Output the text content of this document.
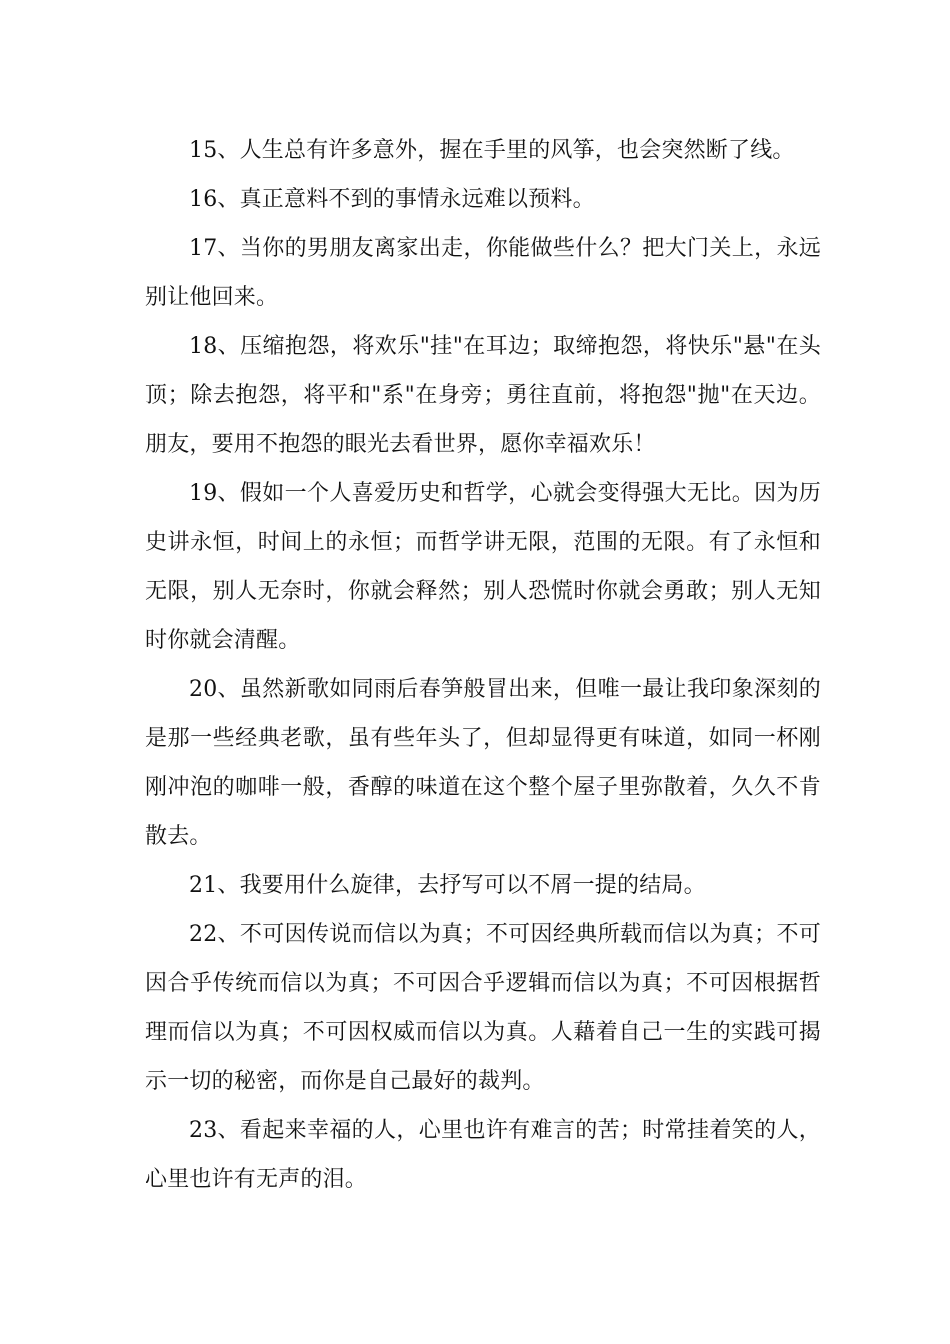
15、人生总有许多意外，握在手里的风筝，也会突然断了线。

16、真正意料不到的事情永远难以预料。

17、当你的男朋友离家出走，你能做些什么？把大门关上，永远别让他回来。

18、压缩抱怨，将欢乐"挂"在耳边；取缔抱怨，将快乐"悬"在头顶；除去抱怨，将平和"系"在身旁；勇往直前，将抱怨"抛"在天边。朋友，要用不抱怨的眼光去看世界，愿你幸福欢乐！

19、假如一个人喜爱历史和哲学，心就会变得强大无比。因为历史讲永恒，时间上的永恒；而哲学讲无限，范围的无限。有了永恒和无限，别人无奈时，你就会释然；别人恐慌时你就会勇敢；别人无知时你就会清醒。

20、虽然新歌如同雨后春笋般冒出来，但唯一最让我印象深刻的是那一些经典老歌，虽有些年头了，但却显得更有味道，如同一杯刚刚冲泡的咖啡一般，香醇的味道在这个整个屋子里弥散着，久久不肯散去。

21、我要用什么旋律，去抒写可以不屑一提的结局。

22、不可因传说而信以为真；不可因经典所载而信以为真；不可因合乎传统而信以为真；不可因合乎逻辑而信以为真；不可因根据哲理而信以为真；不可因权威而信以为真。人藉着自己一生的实践可揭示一切的秘密，而你是自己最好的裁判。

23、看起来幸福的人，心里也许有难言的苦；时常挂着笑的人，心里也许有无声的泪。
